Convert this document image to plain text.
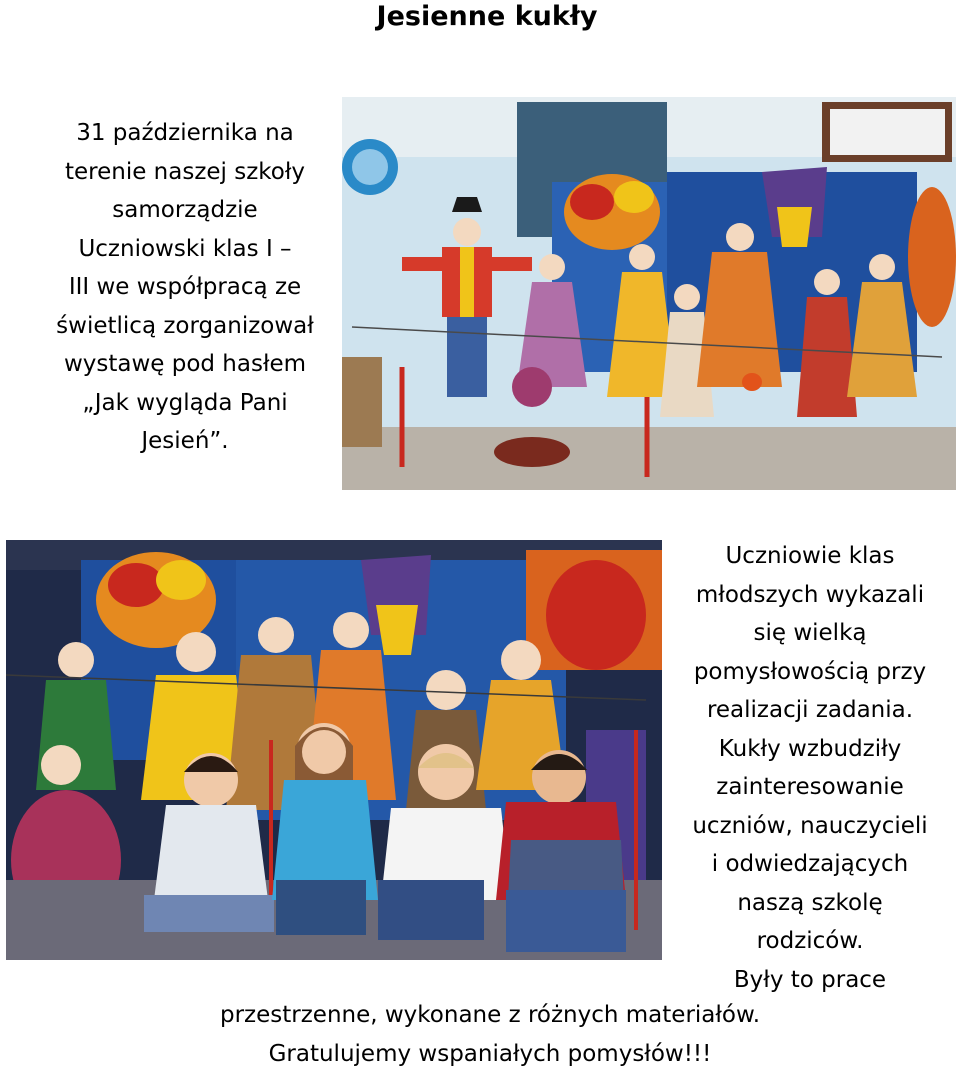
Jesienne kukły
31 października na
terenie naszej szkoły
samorządzie
Uczniowski klas I –
III we współpracą ze
świetlicą zorganizował
wystawę pod hasłem
„Jak wygląda Pani
Jesień”.
Uczniowie klas
młodszych wykazali
się wielką
pomysłowością przy
realizacji zadania.
Kukły wzbudziły
zainteresowanie
uczniów, nauczycieli
i odwiedzających
naszą szkolę
rodziców.
Były to prace
przestrzenne, wykonane z różnych materiałów.
Gratulujemy wspaniałych pomysłów!!!
